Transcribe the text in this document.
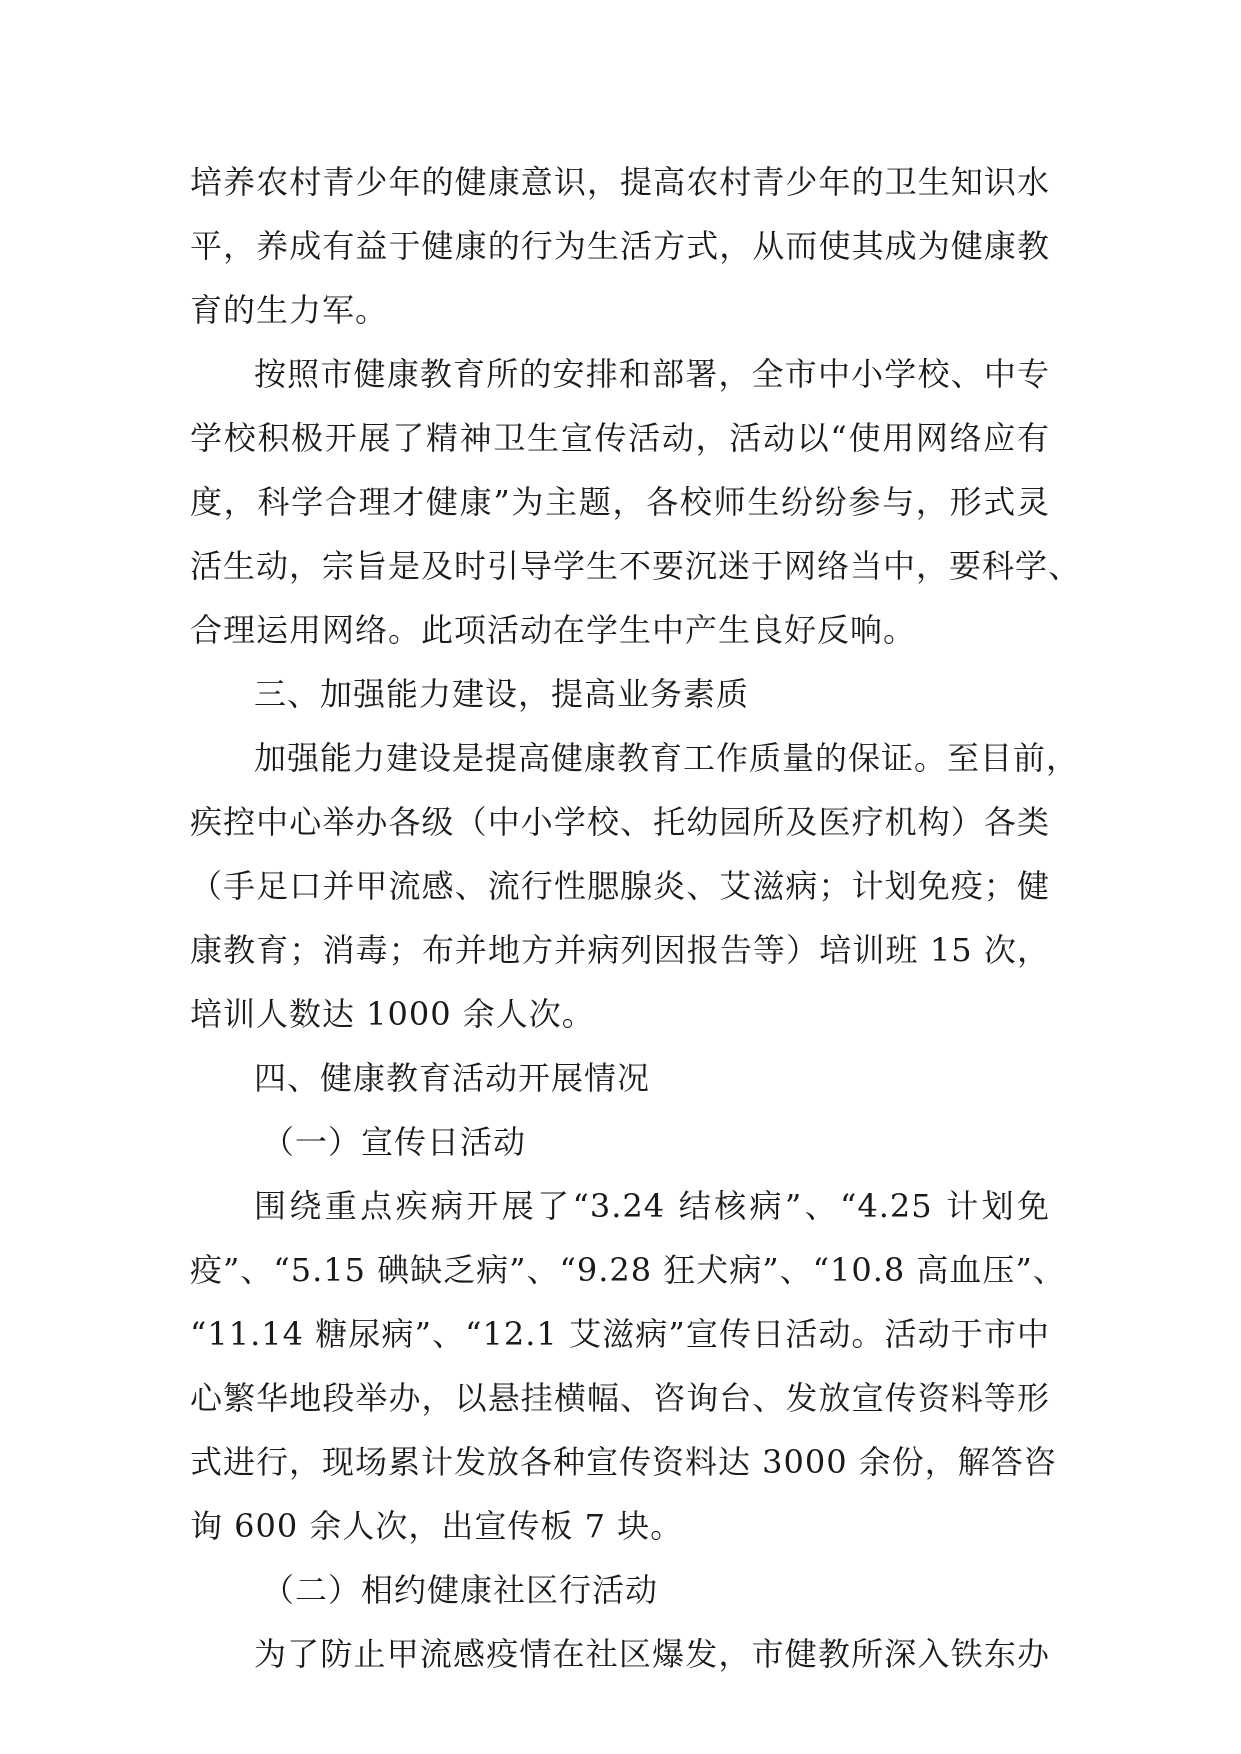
培养农村青少年的健康意识，提高农村青少年的卫生知识水
平，养成有益于健康的行为生活方式，从而使其成为健康教
育的生力军。
按照市健康教育所的安排和部署，全市中小学校、中专
学校积极开展了精神卫生宣传活动，活动以“使用网络应有
度，科学合理才健康”为主题，各校师生纷纷参与，形式灵
活生动，宗旨是及时引导学生不要沉迷于网络当中，要科学、
合理运用网络。此项活动在学生中产生良好反响。
三、加强能力建设，提高业务素质
加强能力建设是提高健康教育工作质量的保证。至目前，
疾控中心举办各级（中小学校、托幼园所及医疗机构）各类
（手足口并甲流感、流行性腮腺炎、艾滋病；计划免疫；健
康教育；消毒；布并地方并病列因报告等）培训班 15 次，
培训人数达 1000 余人次。
四、健康教育活动开展情况
（一）宣传日活动
围绕重点疾病开展了“3.24 结核病”、“4.25 计划免
疫”、“5.15 碘缺乏病”、“9.28 狂犬病”、“10.8 高血压”、
“11.14 糖尿病”、“12.1 艾滋病”宣传日活动。活动于市中
心繁华地段举办，以悬挂横幅、咨询台、发放宣传资料等形
式进行，现场累计发放各种宣传资料达 3000 余份，解答咨
询 600 余人次，出宣传板 7 块。
（二）相约健康社区行活动
为了防止甲流感疫情在社区爆发，市健教所深入铁东办
